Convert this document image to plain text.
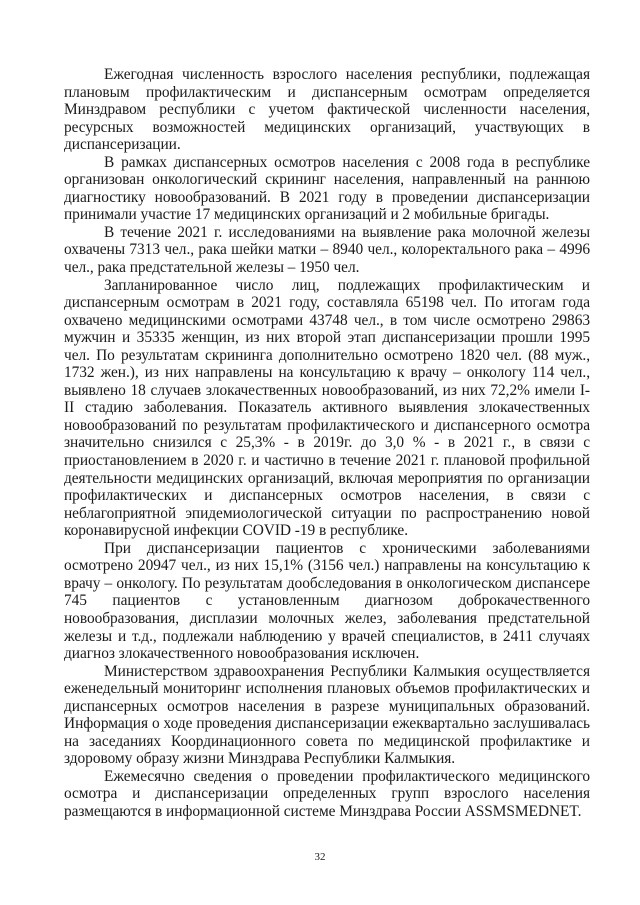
Ежегодная численность взрослого населения республики, подлежащая плановым профилактическим и диспансерным осмотрам определяется Минздравом республики с учетом фактической численности населения, ресурсных возможностей медицинских организаций, участвующих в диспансеризации.

В рамках диспансерных осмотров населения с 2008 года в республике организован онкологический скрининг населения, направленный на раннюю диагностику новообразований. В 2021 году в проведении диспансеризации принимали участие 17 медицинских организаций и 2 мобильные бригады.

В течение 2021 г. исследованиями на выявление рака молочной железы охвачены 7313 чел., рака шейки матки – 8940 чел., колоректального рака – 4996 чел., рака предстательной железы – 1950 чел.

Запланированное число лиц, подлежащих профилактическим и диспансерным осмотрам в 2021 году, составляла 65198 чел. По итогам года охвачено медицинскими осмотрами 43748 чел., в том числе осмотрено 29863 мужчин и 35335 женщин, из них второй этап диспансеризации прошли 1995 чел. По результатам скрининга дополнительно осмотрено 1820 чел. (88 муж., 1732 жен.), из них направлены на консультацию к врачу – онкологу 114 чел., выявлено 18 случаев злокачественных новообразований, из них 72,2% имели I-II стадию заболевания. Показатель активного выявления злокачественных новообразований по результатам профилактического и диспансерного осмотра значительно снизился с 25,3% - в 2019г. до 3,0 % - в 2021 г., в связи с приостановлением в 2020 г. и частично в течение 2021 г. плановой профильной деятельности медицинских организаций, включая мероприятия по организации профилактических и диспансерных осмотров населения, в связи с неблагоприятной эпидемиологической ситуации по распространению новой коронавирусной инфекции COVID -19 в республике.

При диспансеризации пациентов с хроническими заболеваниями осмотрено 20947 чел., из них 15,1% (3156 чел.) направлены на консультацию к врачу – онкологу. По результатам дообследования в онкологическом диспансере 745 пациентов с установленным диагнозом доброкачественного новообразования, дисплазии молочных желез, заболевания предстательной железы и т.д., подлежали наблюдению у врачей специалистов, в 2411 случаях диагноз злокачественного новообразования исключен.

Министерством здравоохранения Республики Калмыкия осуществляется еженедельный мониторинг исполнения плановых объемов профилактических и диспансерных осмотров населения в разрезе муниципальных образований. Информация о ходе проведения диспансеризации ежеквартально заслушивалась на заседаниях Координационного совета по медицинской профилактике и здоровому образу жизни Минздрава Республики Калмыкия.

Ежемесячно сведения о проведении профилактического медицинского осмотра и диспансеризации определенных групп взрослого населения размещаются в информационной системе Минздрава России ASSMSMEDNET.

32
